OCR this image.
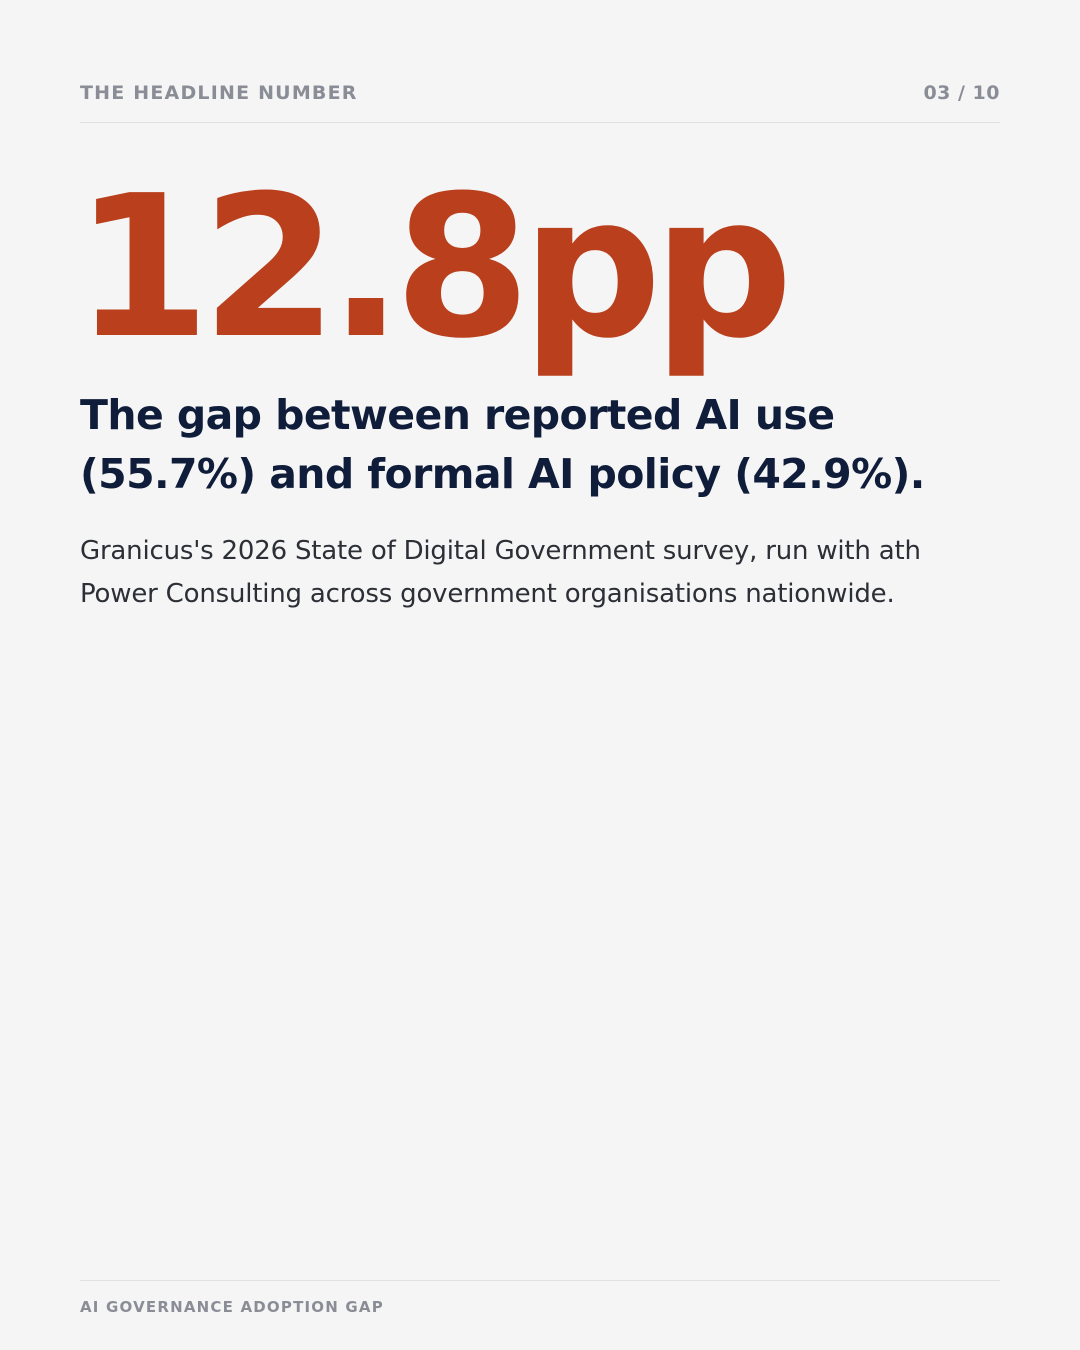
THE HEADLINE NUMBER	03 / 10
12.8pp
The gap between reported AI use (55.7%) and formal AI policy (42.9%).

Granicus's 2026 State of Digital Government survey, run with ath Power Consulting across government organisations nationwide.

AI GOVERNANCE ADOPTION GAP
